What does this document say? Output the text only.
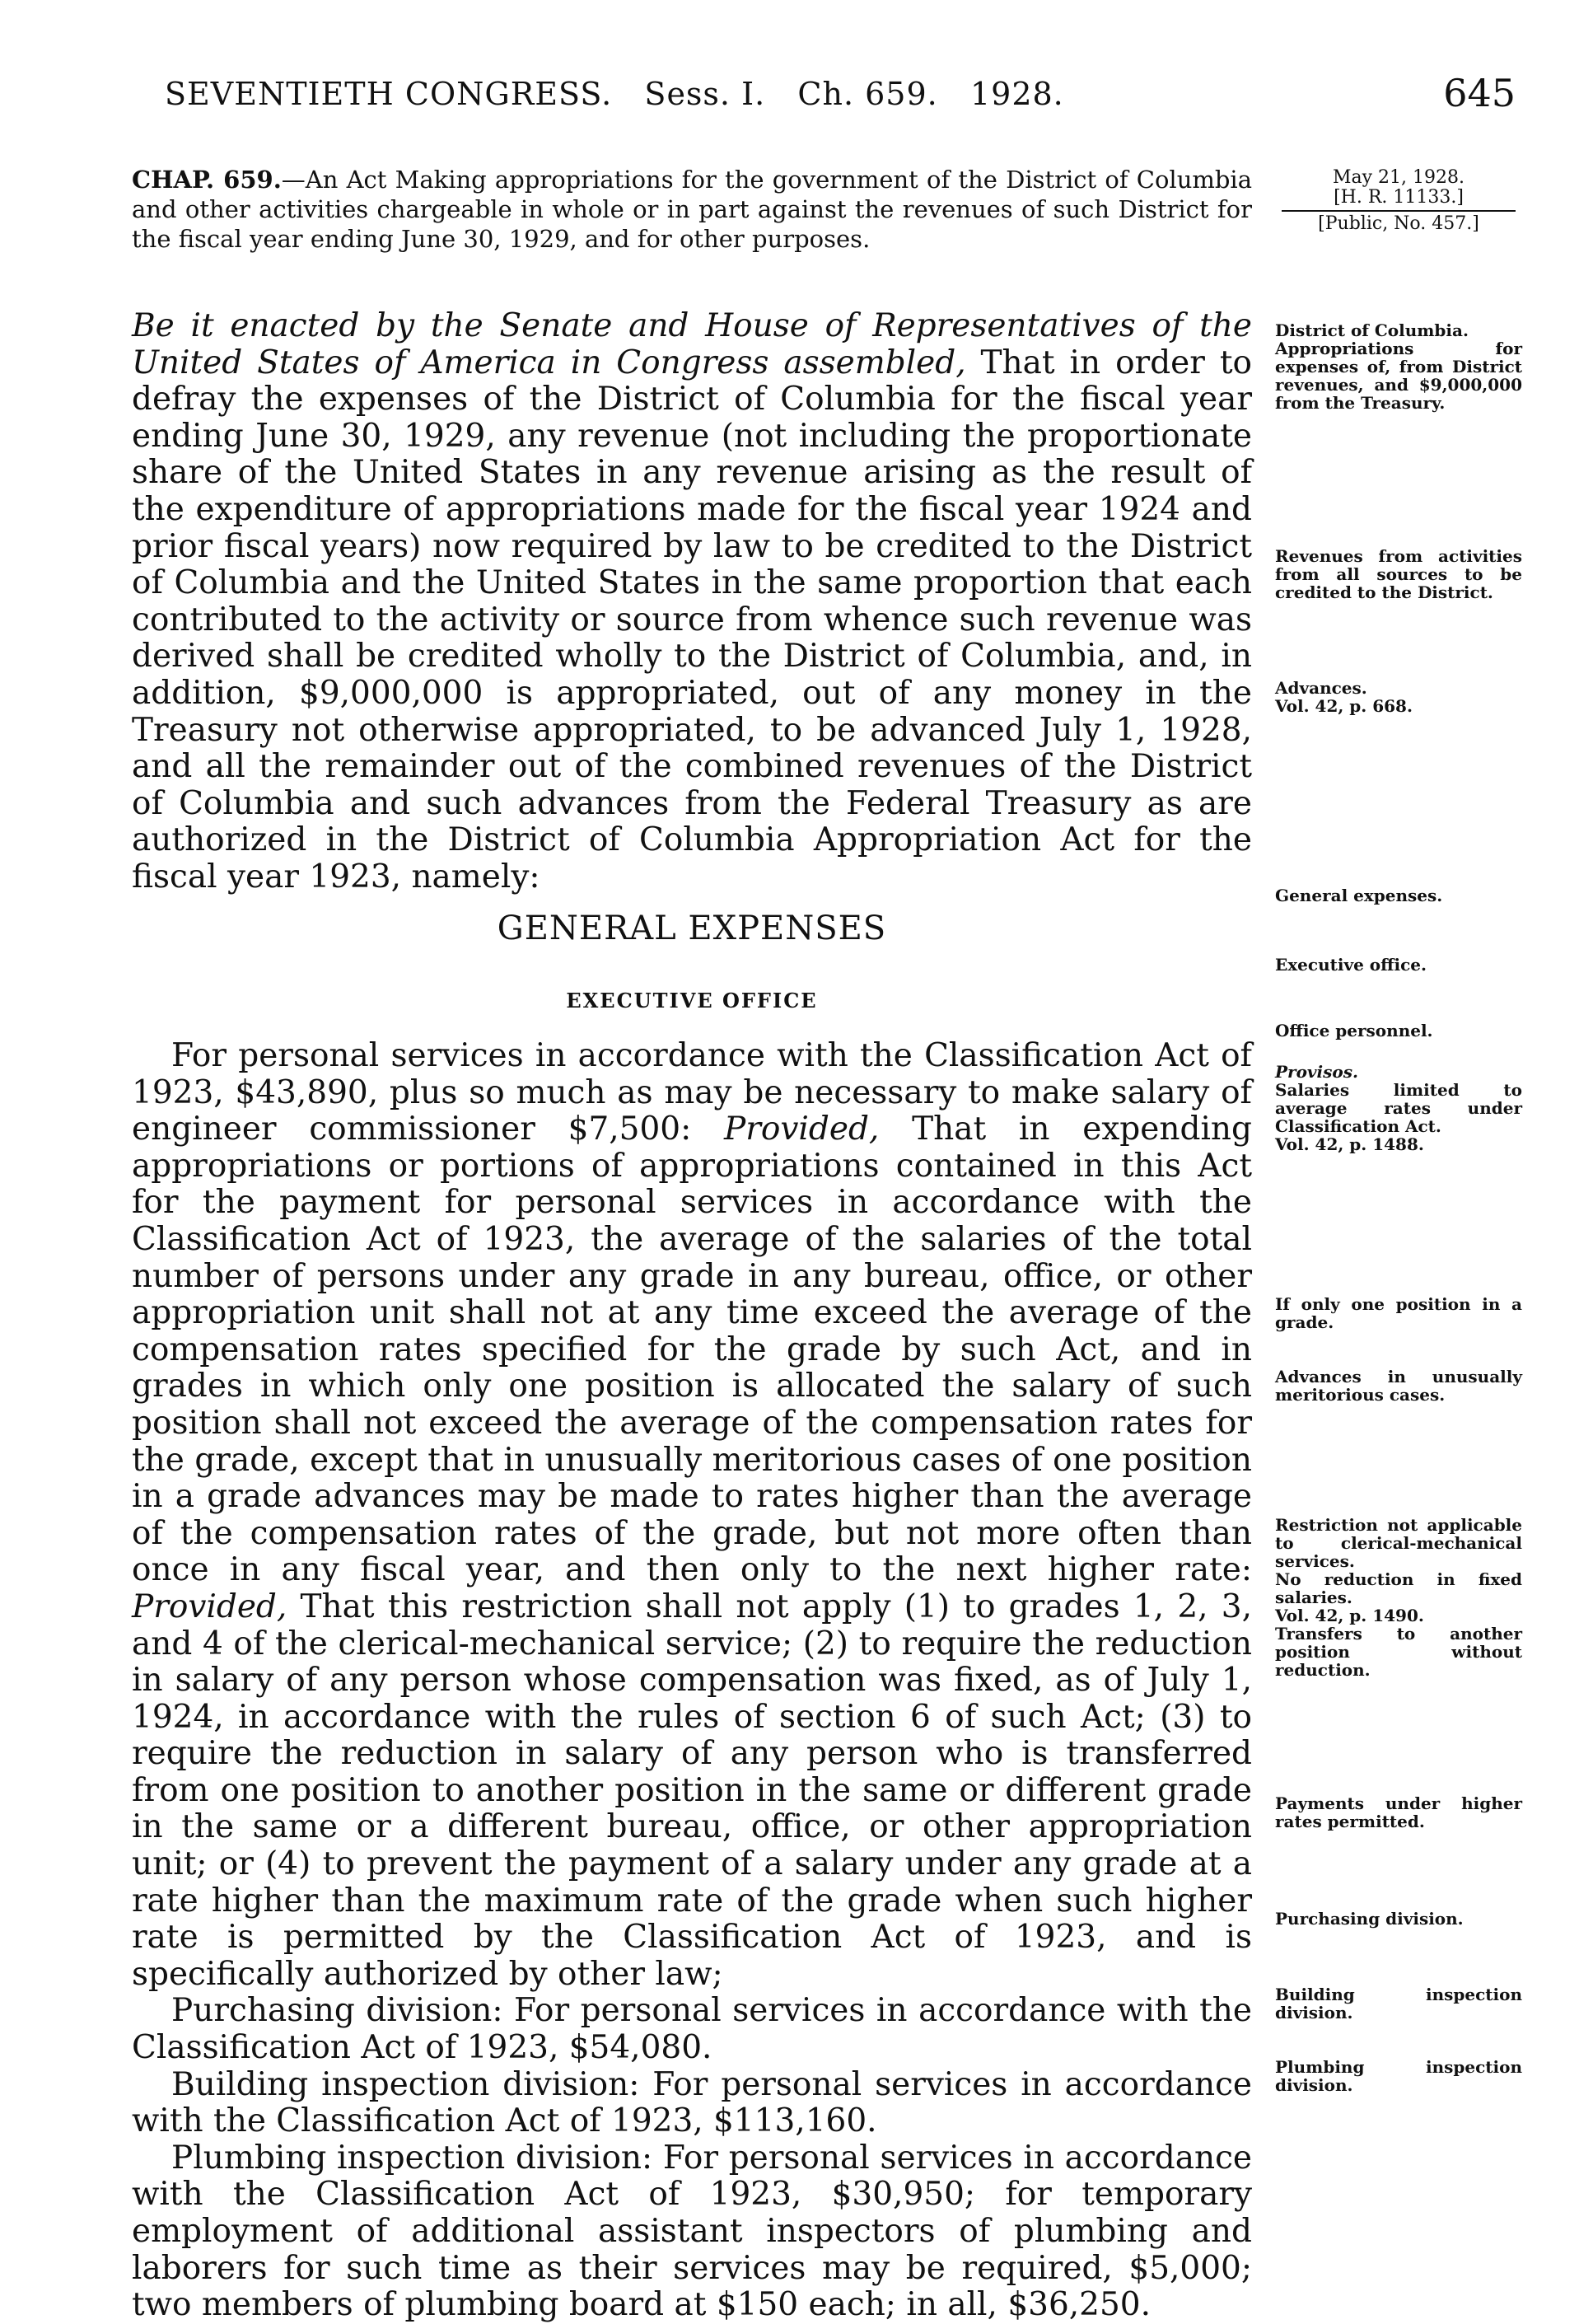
SEVENTIETH CONGRESS.   Sess. I.   Ch. 659.   1928.	645
CHAP. 659.—An Act Making appropriations for the government of the District of Columbia and other activities chargeable in whole or in part against the revenues of such District for the fiscal year ending June 30, 1929, and for other purposes.
May 21, 1928.
[H. R. 11133.]
[Public, No. 457.]
Be it enacted by the Senate and House of Representatives of the United States of America in Congress assembled, That in order to defray the expenses of the District of Columbia for the fiscal year ending June 30, 1929, any revenue (not including the proportionate share of the United States in any revenue arising as the result of the expenditure of appropriations made for the fiscal year 1924 and prior fiscal years) now required by law to be credited to the District of Columbia and the United States in the same proportion that each contributed to the activity or source from whence such revenue was derived shall be credited wholly to the District of Columbia, and, in addition, $9,000,000 is appropriated, out of any money in the Treasury not otherwise appropriated, to be advanced July 1, 1928, and all the remainder out of the combined revenues of the District of Columbia and such advances from the Federal Treasury as are authorized in the District of Columbia Appropriation Act for the fiscal year 1923, namely:
GENERAL EXPENSES
EXECUTIVE OFFICE

For personal services in accordance with the Classification Act of 1923, $43,890, plus so much as may be necessary to make salary of engineer commissioner $7,500: Provided, That in expending appropriations or portions of appropriations contained in this Act for the payment for personal services in accordance with the Classification Act of 1923, the average of the salaries of the total number of persons under any grade in any bureau, office, or other appropriation unit shall not at any time exceed the average of the compensation rates specified for the grade by such Act, and in grades in which only one position is allocated the salary of such position shall not exceed the average of the compensation rates for the grade, except that in unusually meritorious cases of one position in a grade advances may be made to rates higher than the average of the compensation rates of the grade, but not more often than once in any fiscal year, and then only to the next higher rate: Provided, That this restriction shall not apply (1) to grades 1, 2, 3, and 4 of the clerical-mechanical service; (2) to require the reduction in salary of any person whose compensation was fixed, as of July 1, 1924, in accordance with the rules of section 6 of such Act; (3) to require the reduction in salary of any person who is transferred from one position to another position in the same or different grade in the same or a different bureau, office, or other appropriation unit; or (4) to prevent the payment of a salary under any grade at a rate higher than the maximum rate of the grade when such higher rate is permitted by the Classification Act of 1923, and is specifically authorized by other law;

Purchasing division: For personal services in accordance with the Classification Act of 1923, $54,080.

Building inspection division: For personal services in accordance with the Classification Act of 1923, $113,160.

Plumbing inspection division: For personal services in accordance with the Classification Act of 1923, $30,950; for temporary employment of additional assistant inspectors of plumbing and laborers for such time as their services may be required, $5,000; two members of plumbing board at $150 each; in all, $36,250.

District of Columbia.
Appropriations for expenses of, from District revenues, and $9,000,000 from the Treasury.
Revenues from activities from all sources to be credited to the District.
Advances.
Vol. 42, p. 668.
General expenses.
Executive office.
Office personnel.
Provisos.
Salaries limited to average rates under Classification Act.
Vol. 42, p. 1488.
If only one position in a grade.
Advances in unusually meritorious cases.
Restriction not applicable to clerical-mechanical services.
No reduction in fixed salaries.
Vol. 42, p. 1490.
Transfers to another position without reduction.
Payments under higher rates permitted.
Purchasing division.
Building inspection division.
Plumbing inspection division.
